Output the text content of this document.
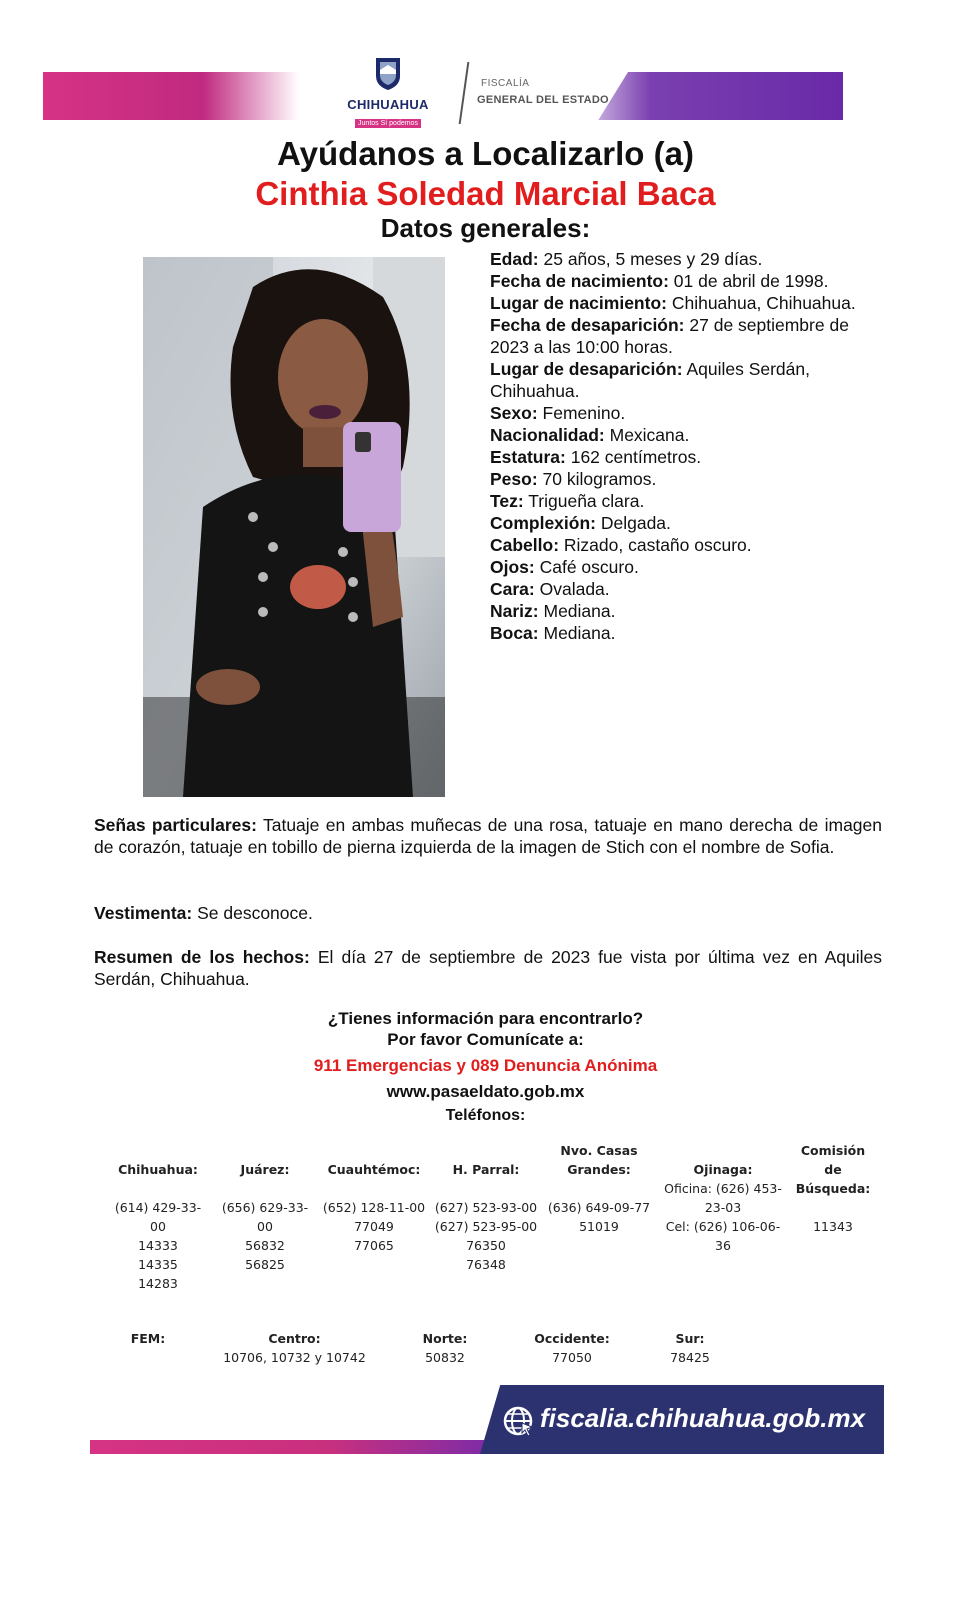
CHIHUAHUA
Juntos Sí podemos
FISCALÍA
GENERAL DEL ESTADO
Ayúdanos a Localizarlo (a)
Cinthia Soledad Marcial Baca
Datos generales:
Edad: 25 años, 5 meses y 29 días.
Fecha de nacimiento: 01 de abril de 1998.
Lugar de nacimiento: Chihuahua, Chihuahua.
Fecha de desaparición: 27 de septiembre de 2023 a las 10:00 horas.
Lugar de desaparición: Aquiles Serdán, Chihuahua.
Sexo: Femenino.
Nacionalidad: Mexicana.
Estatura: 162 centímetros.
Peso: 70 kilogramos.
Tez: Trigueña clara.
Complexión: Delgada.
Cabello: Rizado, castaño oscuro.
Ojos: Café oscuro.
Cara: Ovalada.
Nariz: Mediana.
Boca: Mediana.
Señas particulares: Tatuaje en ambas muñecas de una rosa, tatuaje en mano derecha de imagen de corazón, tatuaje en tobillo de pierna izquierda de la imagen de Stich con el nombre de Sofia.
Vestimenta: Se desconoce.
Resumen de los hechos: El día 27 de septiembre de 2023 fue vista por última vez en Aquiles Serdán, Chihuahua.
¿Tienes información para encontrarlo?
Por favor Comunícate a:
911 Emergencias y 089 Denuncia Anónima
www.pasaeldato.gob.mx
Teléfonos:
Chihuahua:
(614) 429-33-00
14333
14335
14283
Juárez:
(656) 629-33-00
56832
56825
Cuauhtémoc:
(652) 128-11-00
77049
77065
H. Parral:
(627) 523-93-00
(627) 523-95-00
76350
76348
Nvo. Casas
Grandes:
(636) 649-09-77
51019
Ojinaga:
Oficina: (626) 453-
23-03
Cel: (626) 106-06-36
Comisión de
Búsqueda:
11343
FEM:	Centro:
10706, 10732 y 10742
Norte:
50832
Occidente:
77050
Sur:
78425
fiscalia.chihuahua.gob.mx
